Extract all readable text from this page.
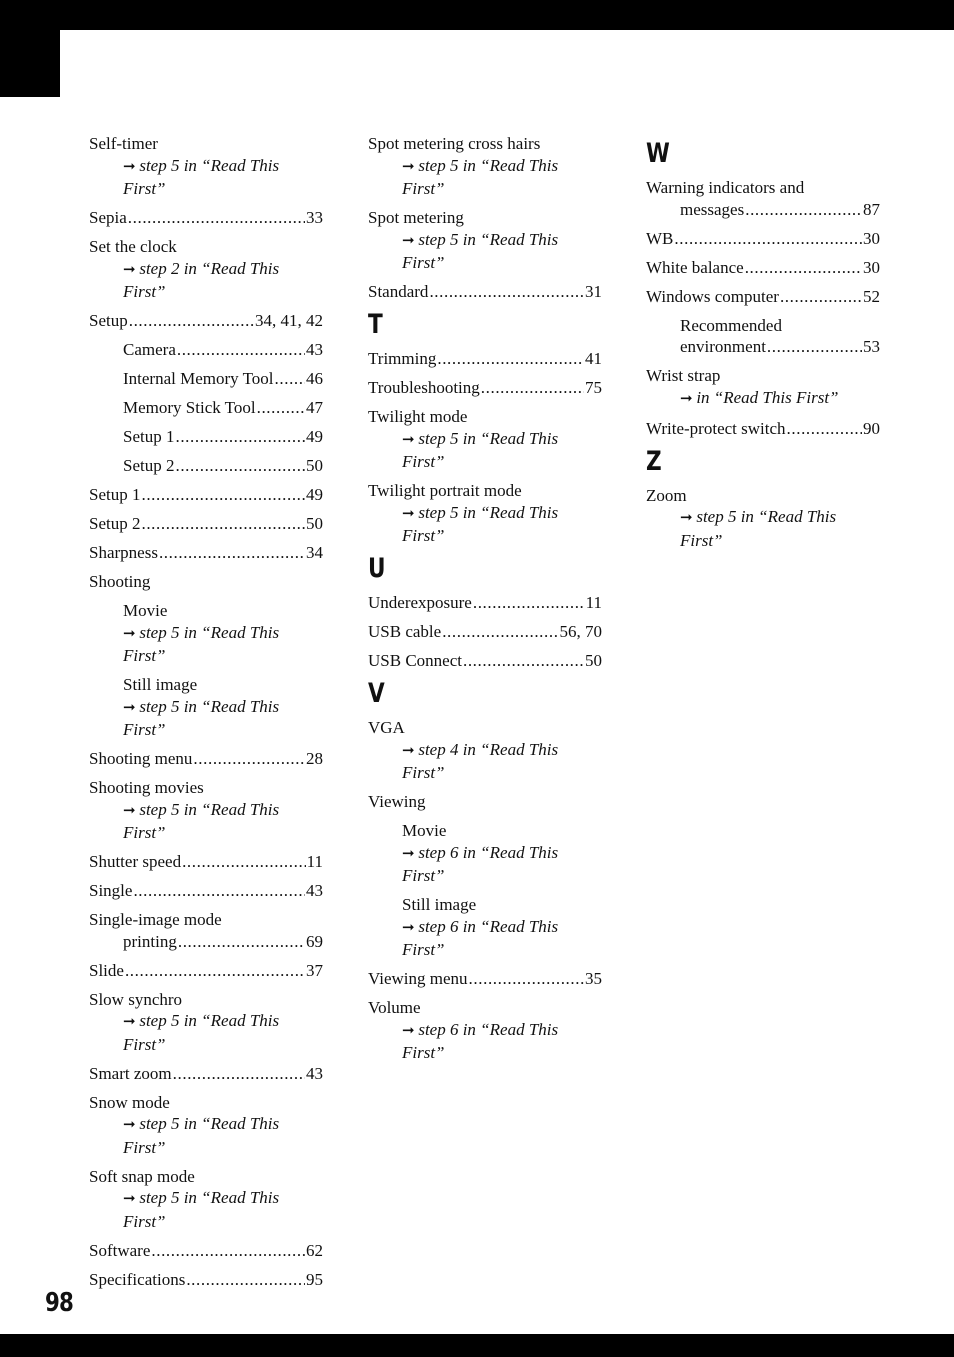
Self-timer
➞ step 5 in “Read This First”
Sepia .....	33
Set the clock
➞ step 2 in “Read This First”
Setup .....	34, 41, 42
Camera .....	43
Internal Memory Tool ..... 46
Memory Stick Tool .....	47
Setup 1 .....	49
Setup 2 .....	50
Setup 1 .....	49
Setup 2 .....	50
Sharpness .....	34
Shooting
Movie
➞ step 5 in “Read This First”
Still image
➞ step 5 in “Read This First”
Shooting menu .....	28
Shooting movies
➞ step 5 in “Read This First”
Shutter speed .....	11
Single .....	43
Single-image mode
printing .....	69
Slide .....	37
Slow synchro
➞ step 5 in “Read This First”
Smart zoom .....	43
Snow mode
➞ step 5 in “Read This First”
Soft snap mode
➞ step 5 in “Read This First”
Software .....	62
Specifications .....	95
Spot metering cross hairs
➞ step 5 in “Read This First”
Spot metering
➞ step 5 in “Read This First”
Standard .....	31
T
Trimming .....	41
Troubleshooting .....	75
Twilight mode
➞ step 5 in “Read This First”
Twilight portrait mode
➞ step 5 in “Read This First”
U
Underexposure .....	11
USB cable .....	56, 70
USB Connect .....	50
V
VGA
➞ step 4 in “Read This First”
Viewing
Movie
➞ step 6 in “Read This First”
Still image
➞ step 6 in “Read This First”
Viewing menu .....	35
Volume
➞ step 6 in “Read This First”
W
Warning indicators and
messages .....	87
WB .....	30
White balance .....	30
Windows computer .....	52
Recommended
environment .....	53
Wrist strap
➞ in “Read This First”
Write-protect switch .....	90
Z
Zoom
➞ step 5 in “Read This First”
98
